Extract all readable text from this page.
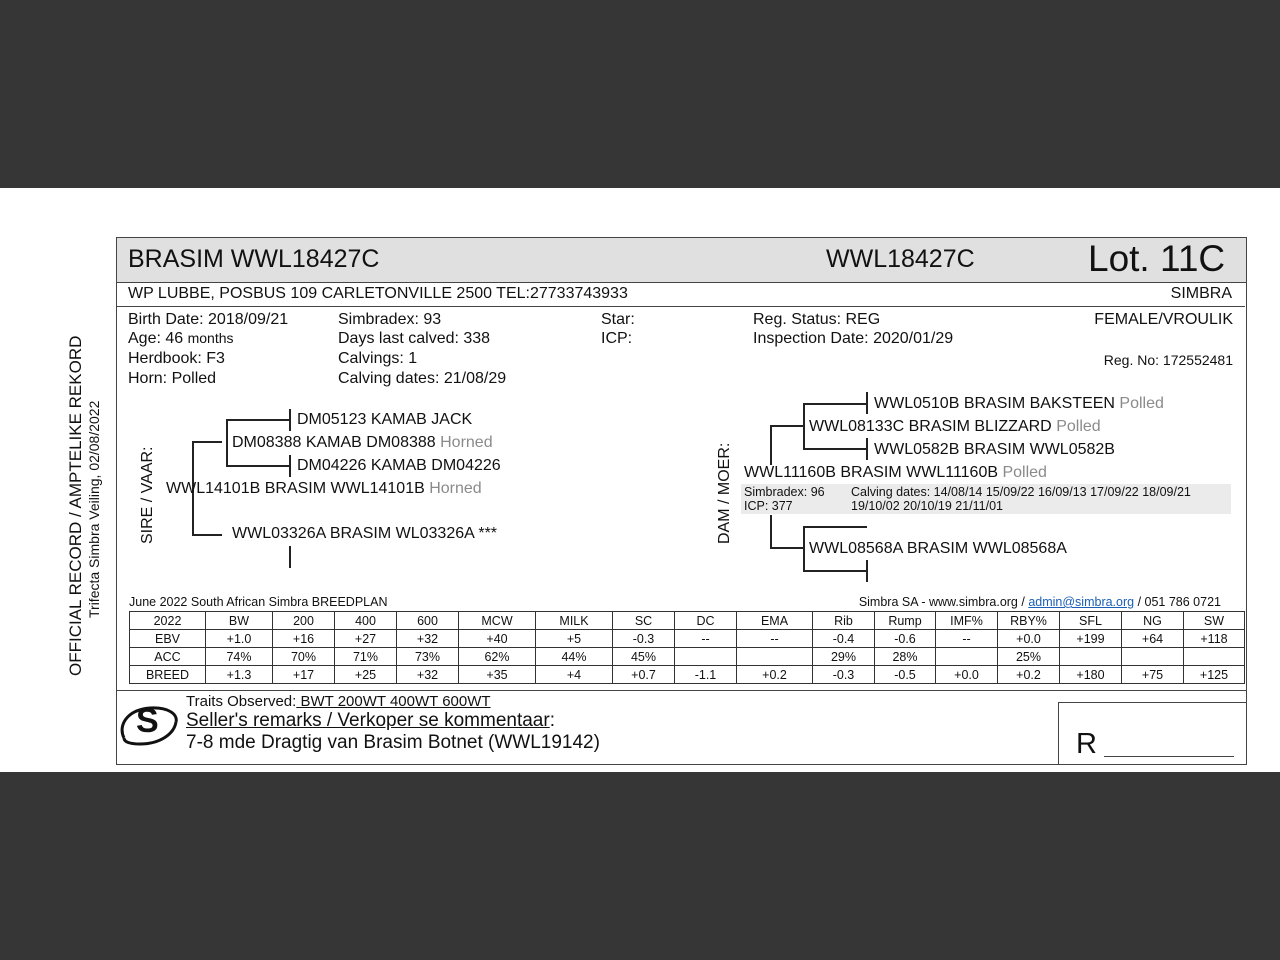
OFFICIAL RECORD / AMPTELIKE REKORD Trifecta Simbra Veiling, 02/08/2022
BRASIM WWL18427C	WWL18427C	Lot. 11C
WP LUBBE, POSBUS 109 CARLETONVILLE 2500 TEL:27733743933	SIMBRA
Birth Date: 2018/09/21
Age: 46 months
Herdbook: F3
Horn: Polled
Simbradex: 93
Days last calved: 338
Calvings: 1
Calving dates: 21/08/29
Star:
ICP:
Reg. Status: REG
Inspection Date: 2020/01/29
FEMALE/VROULIK
Reg. No: 172552481
SIRE / VAAR:
DM05123 KAMAB JACK
DM08388 KAMAB DM08388 Horned
DM04226 KAMAB DM04226
WWL14101B BRASIM WWL14101B Horned
WWL03326A BRASIM WL03326A ***	DAM / MOER:
WWL0510B BRASIM BAKSTEEN Polled
WWL08133C BRASIM BLIZZARD Polled
WWL0582B BRASIM WWL0582B
WWL11160B BRASIM WWL11160B Polled
Simbradex: 96
ICP: 377
Calving dates: 14/08/14 15/09/22 16/09/13 17/09/22 18/09/21
19/10/02 20/10/19 21/11/01
WWL08568A BRASIM WWL08568A
June 2022 South African Simbra BREEDPLAN	Simbra SA - www.simbra.org / admin@simbra.org / 051 786 0721
2022	BW	200	400	600	MCW	MILK	SC	DC	EMA	Rib	Rump	IMF%	RBY%	SFL	NG	SW
EBV	+1.0	+16	+27	+32	+40	+5	-0.3	--	--	-0.4	-0.6	--	+0.0	+199	+64	+118
ACC	74%	70%	71%	73%	62%	44%	45%			29%	28%		25%			
BREED	+1.3	+17	+25	+32	+35	+4	+0.7	-1.1	+0.2	-0.3	-0.5	+0.0	+0.2	+180	+75	+125
S
Traits Observed: BWT 200WT 400WT 600WT
Seller's remarks / Verkoper se kommentaar:
7-8 mde Dragtig van Brasim Botnet (WWL19142)	R
